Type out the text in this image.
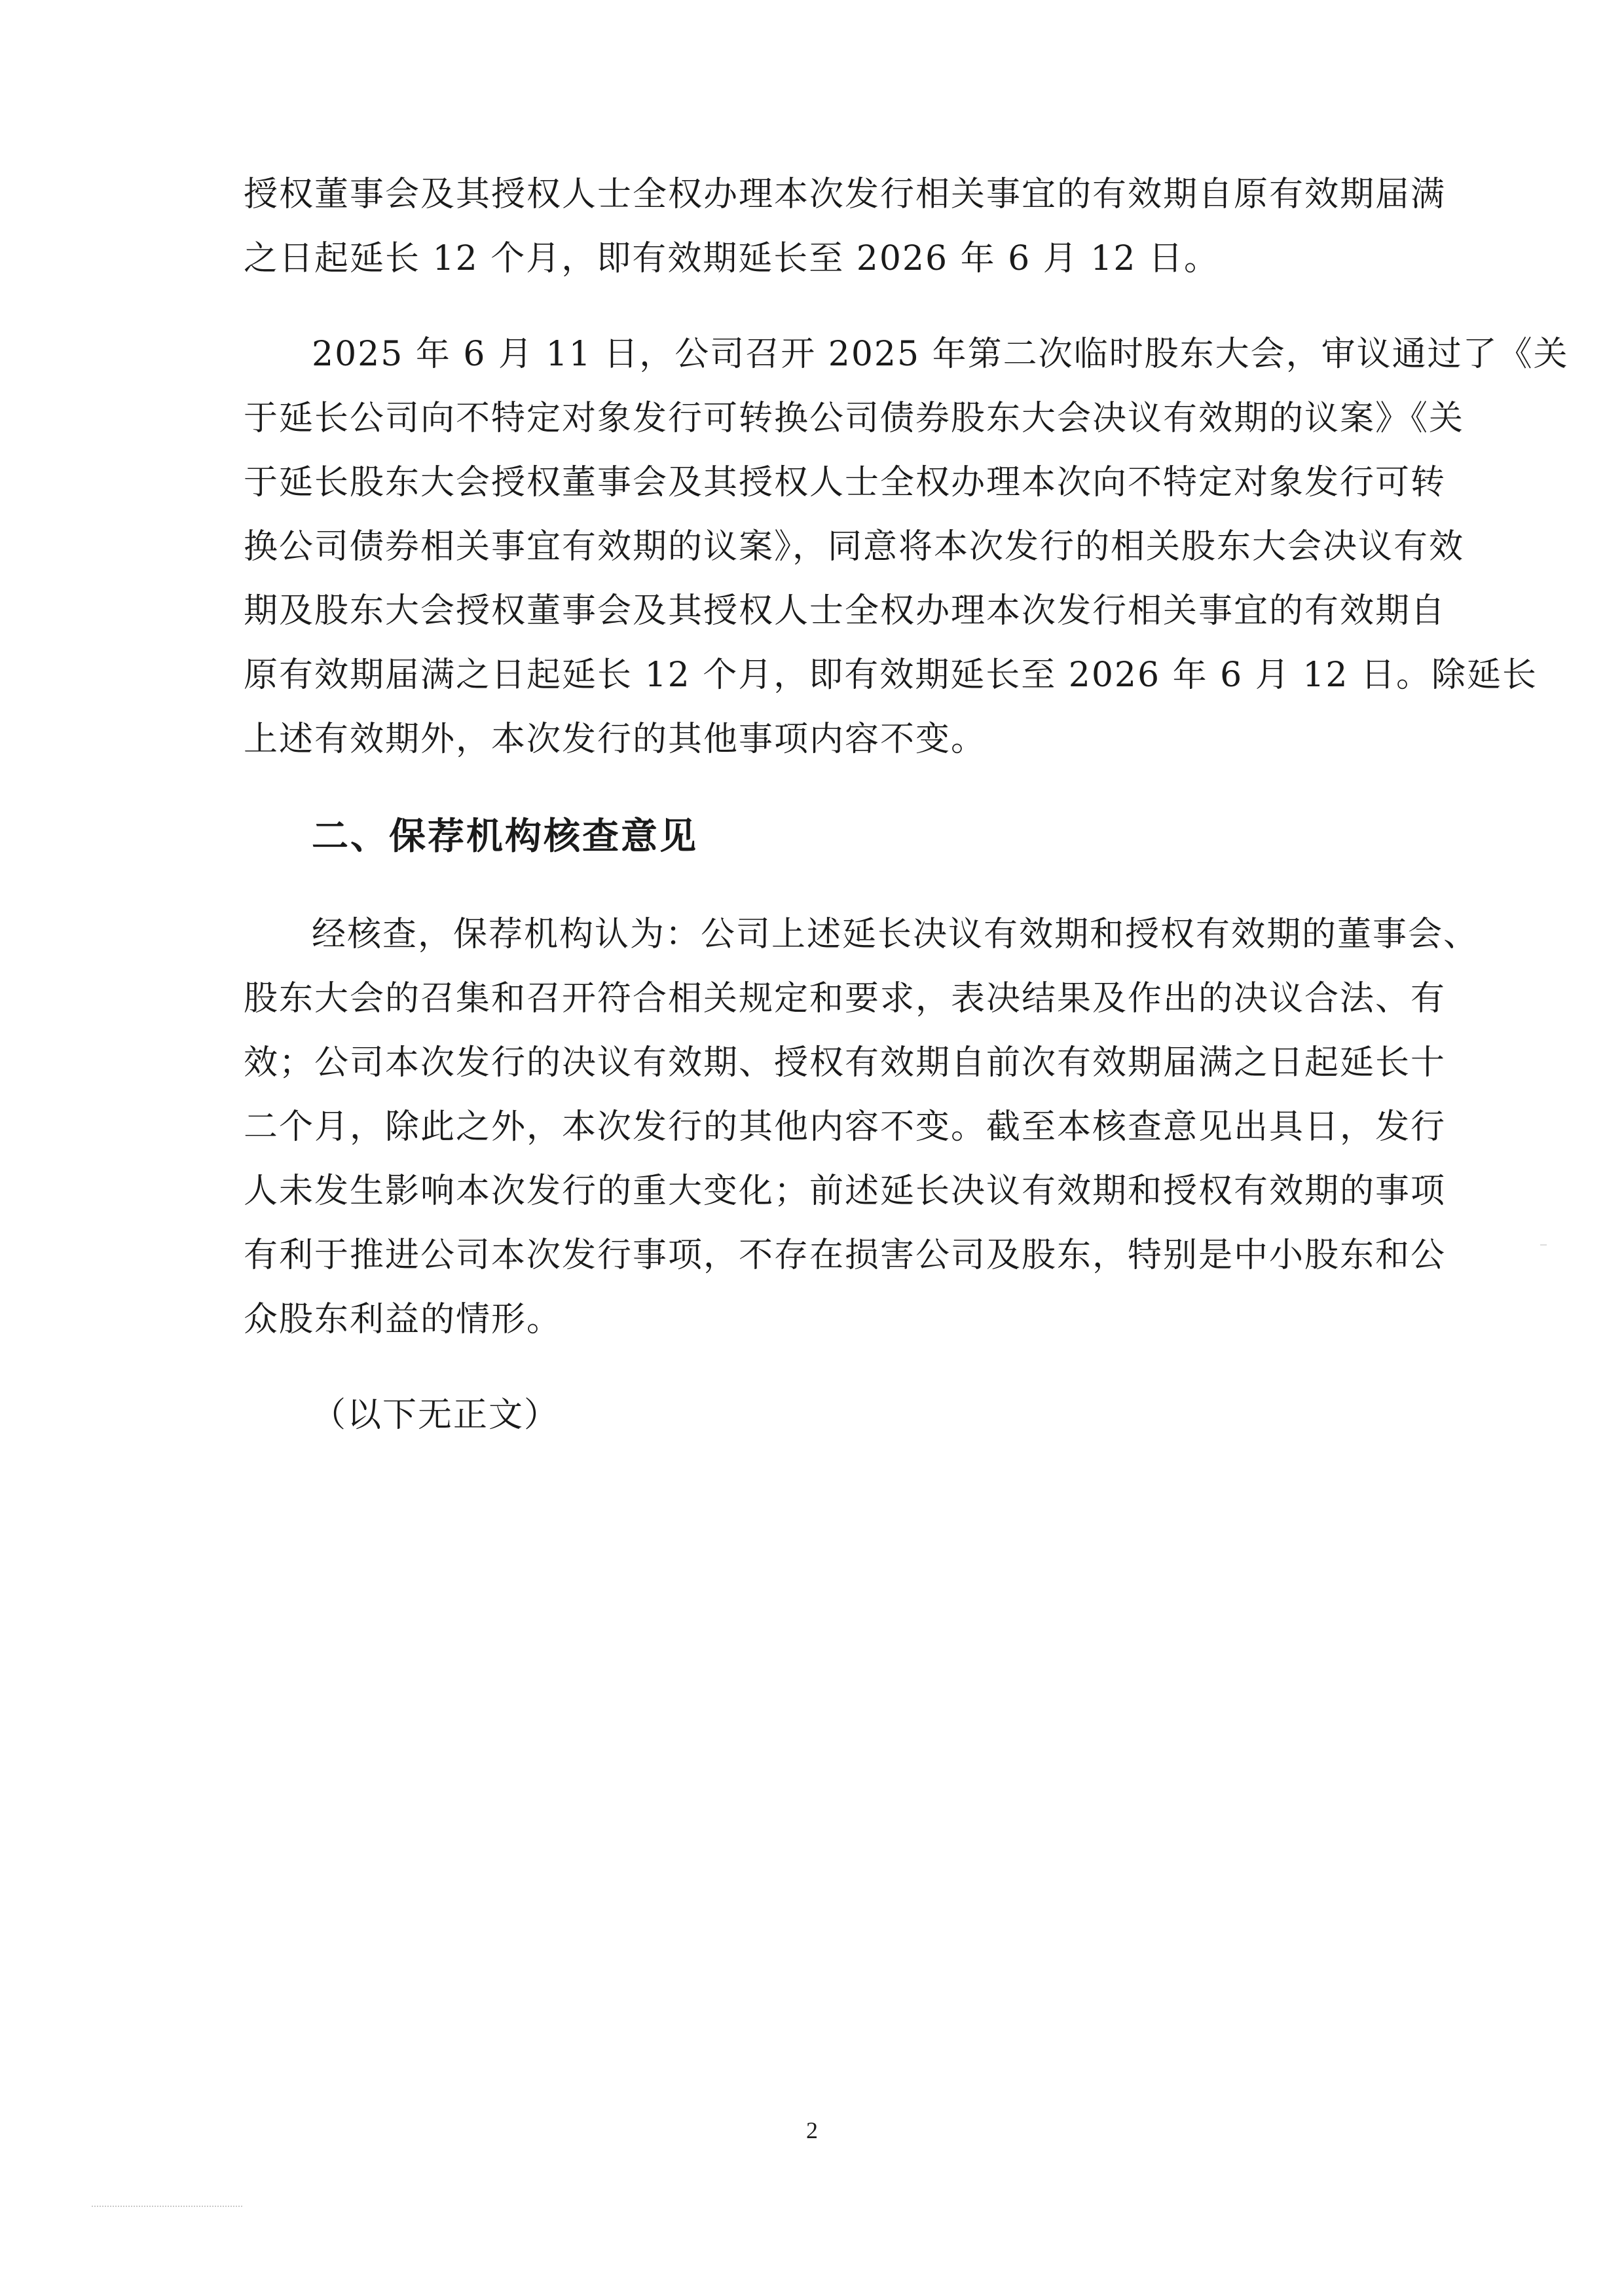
授权董事会及其授权人士全权办理本次发行相关事宜的有效期自原有效期届满
之日起延长 12 个月，即有效期延长至 2026 年 6 月 12 日。

2025 年 6 月 11 日，公司召开 2025 年第二次临时股东大会，审议通过了《关
于延长公司向不特定对象发行可转换公司债券股东大会决议有效期的议案》《关
于延长股东大会授权董事会及其授权人士全权办理本次向不特定对象发行可转
换公司债券相关事宜有效期的议案》，同意将本次发行的相关股东大会决议有效
期及股东大会授权董事会及其授权人士全权办理本次发行相关事宜的有效期自
原有效期届满之日起延长 12 个月，即有效期延长至 2026 年 6 月 12 日。除延长
上述有效期外，本次发行的其他事项内容不变。

二、保荐机构核查意见

经核查，保荐机构认为：公司上述延长决议有效期和授权有效期的董事会、
股东大会的召集和召开符合相关规定和要求，表决结果及作出的决议合法、有
效；公司本次发行的决议有效期、授权有效期自前次有效期届满之日起延长十
二个月，除此之外，本次发行的其他内容不变。截至本核查意见出具日，发行
人未发生影响本次发行的重大变化；前述延长决议有效期和授权有效期的事项
有利于推进公司本次发行事项，不存在损害公司及股东，特别是中小股东和公
众股东利益的情形。

（以下无正文）

2
